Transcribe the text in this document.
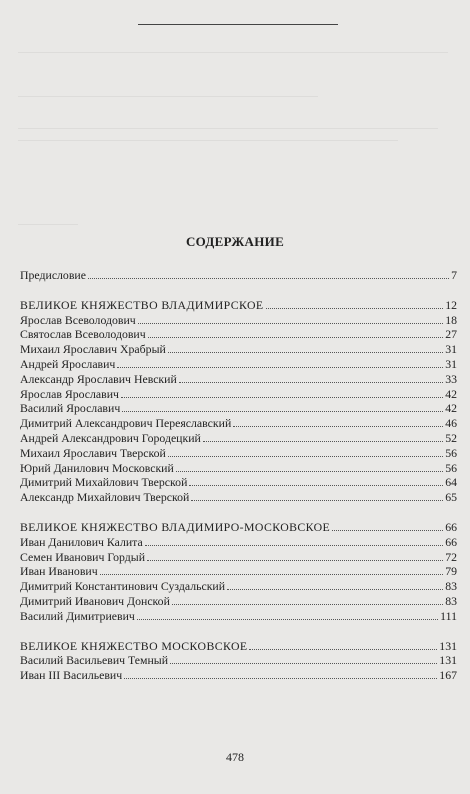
СОДЕРЖАНИЕ
Предисловие	7
ВЕЛИКОЕ КНЯЖЕСТВО ВЛАДИМИРСКОЕ	12
Ярослав Всеволодович	18
Святослав Всеволодович	27
Михаил Ярославич Храбрый	31
Андрей Ярославич	31
Александр Ярославич Невский	33
Ярослав Ярославич	42
Василий Ярославич	42
Димитрий Александрович Переяславский	46
Андрей Александрович Городецкий	52
Михаил Ярославич Тверской	56
Юрий Данилович Московский	56
Димитрий Михайлович Тверской	64
Александр Михайлович Тверской	65
ВЕЛИКОЕ КНЯЖЕСТВО ВЛАДИМИРО-МОСКОВСКОЕ	66
Иван Данилович Калита	66
Семен Иванович Гордый	72
Иван Иванович	79
Димитрий Константинович Суздальский	83
Димитрий Иванович Донской	83
Василий Димитриевич	111
ВЕЛИКОЕ КНЯЖЕСТВО МОСКОВСКОЕ	131
Василий Васильевич Темный	131
Иван III Васильевич	167
478
